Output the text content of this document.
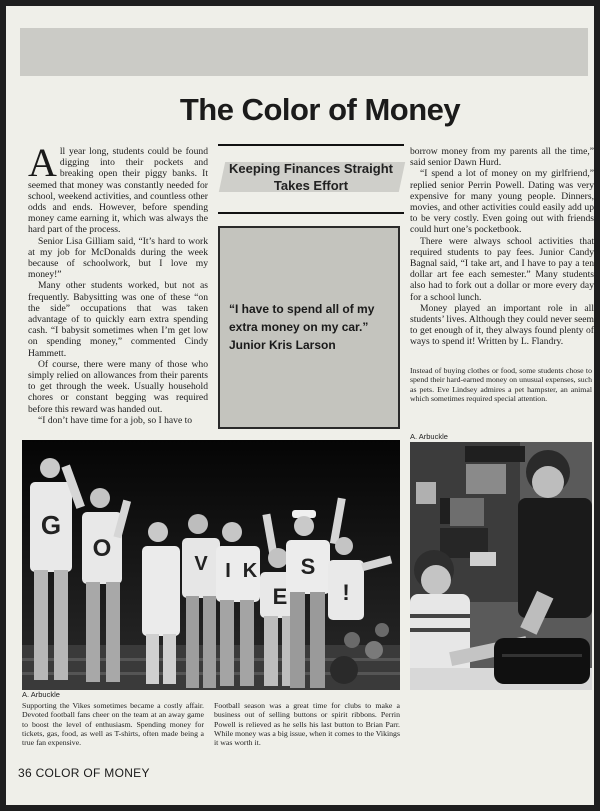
The Color of Money

All year long, students could be found digging into their pockets and breaking open their piggy banks. It seemed that money was constantly needed for school, weekend activities, and countless other odds and ends. However, before spending money came earning it, which was always the hard part of the process.

Senior Lisa Gilliam said, “It’s hard to work at my job for McDonalds during the week because of schoolwork, but I love my money!”

Many other students worked, but not as frequently. Babysitting was one of these “on the side” occupations that was taken advantage of to quickly earn extra spending cash. “I babysit sometimes when I’m get low on spending money,” commented Cindy Hammett.

Of course, there were many of those who simply relied on allowances from their parents to get through the week. Usually household chores or constant begging was required before this reward was handed out.

“I don’t have time for a job, so I have to

Keeping Finances Straight
Takes Effort
“I have to spend all of my
extra money on my car.”
Junior Kris Larson

borrow money from my parents all the time,” said senior Dawn Hurd.

“I spend a lot of money on my girlfriend,” replied senior Perrin Powell. Dating was very expensive for many young people. Dinners, movies, and other activities could easily add up to be very costly. Even going out with friends could hurt one’s pocketbook.

There were always school activities that required students to pay fees. Junior Candy Bagnal said, “I take art, and I have to pay a ten dollar art fee each semester.” Many students also had to fork out a dollar or more every day for a school lunch.

Money played an important role in all students’ lives. Although they could never seem to get enough of it, they always found plenty of ways to spend it! Written by L. Flandry.

Instead of buying clothes or food, some students chose to spend their hard-earned money on unusual expenses, such as pets. Eve Lindsey admires a pet hampster, an animal which sometimes required special attention.
A. Arbuckle
G
O
V I K
E
S
!
A. Arbuckle
Supporting the Vikes sometimes became a costly affair. Devoted football fans cheer on the team at an away game to boost the level of enthusiasm. Spending money for tickets, gas, food, as well as T-shirts, often made being a true fan expensive.
Football season was a great time for clubs to make a business out of selling buttons or spirit ribbons. Perrin Powell is relieved as he sells his last button to Brian Parr. While money was a big issue, when it comes to the Vikings it was worth it.
36 COLOR OF MONEY
